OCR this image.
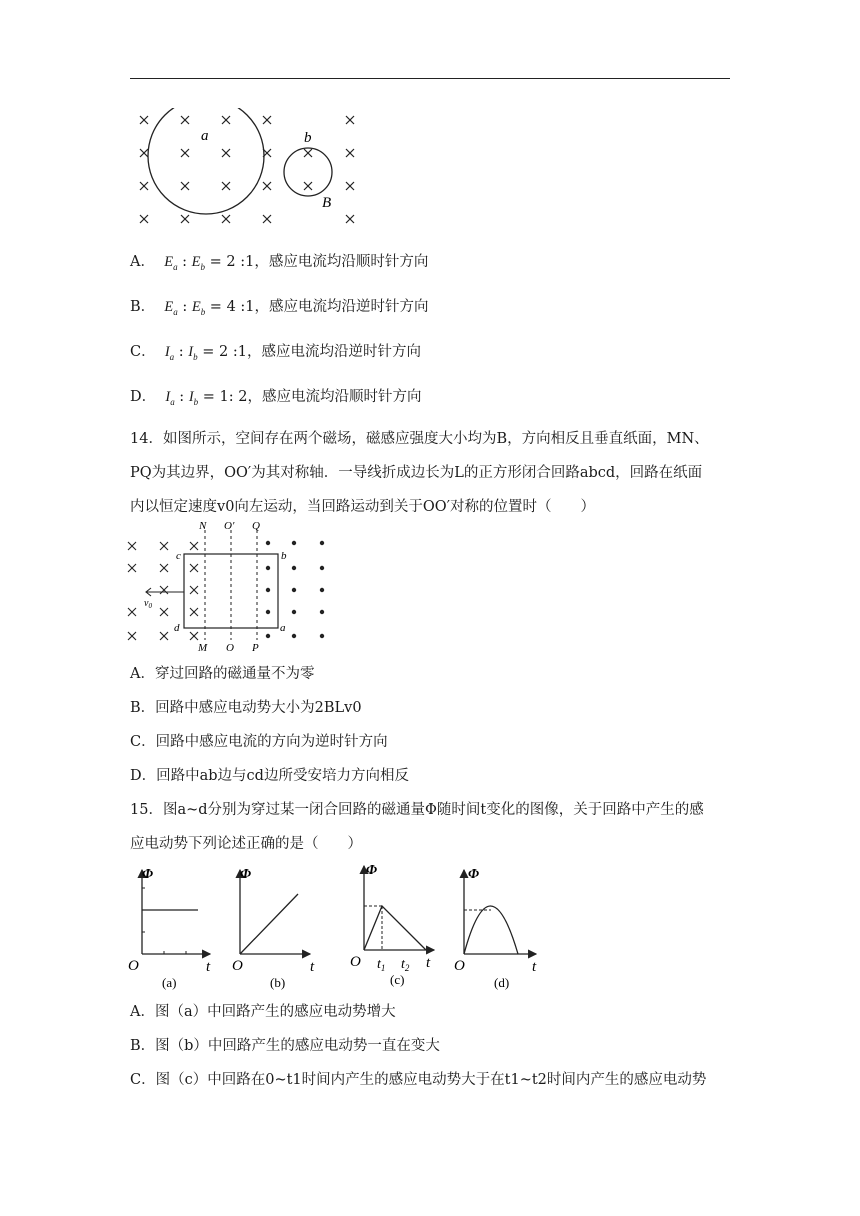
a	b
B
A． $E_a$ : $E_b = 2$ :1，感应电流均沿顺时针方向
B． $E_a$ : $E_b = 4$ :1，感应电流均沿逆时针方向
C． $I_a$ : $I_b = 2$ :1，感应电流均沿逆时针方向
D． $I_a$ : $I_b = 1$: 2，感应电流均沿顺时针方向

14．如图所示，空间存在两个磁场，磁感应强度大小均为B，方向相反且垂直纸面，MN、

PQ为其边界，OO′为其对称轴．一导线折成边长为L的正方形闭合回路abcd，回路在纸面

内以恒定速度v0向左运动，当回路运动到关于OO′对称的位置时（　　）

N O′ Q
c	b
d	a
M O P
$v_0$
A．穿过回路的磁通量不为零
B．回路中感应电动势大小为2BLv0
C．回路中感应电流的方向为逆时针方向
D．回路中ab边与cd边所受安培力方向相反

15．图a~d分别为穿过某一闭合回路的磁通量Φ随时间t变化的图像，关于回路中产生的感

应电动势下列论述正确的是（　　）

Φ
t
O
(a)
Φ
t
O
(b)
Φ
t
O $t_1$ $t_2$
(c)
Φ
t
O
(d)
A．图（a）中回路产生的感应电动势增大
B．图（b）中回路产生的感应电动势一直在变大
C．图（c）中回路在0~t1时间内产生的感应电动势大于在t1~t2时间内产生的感应电动势
